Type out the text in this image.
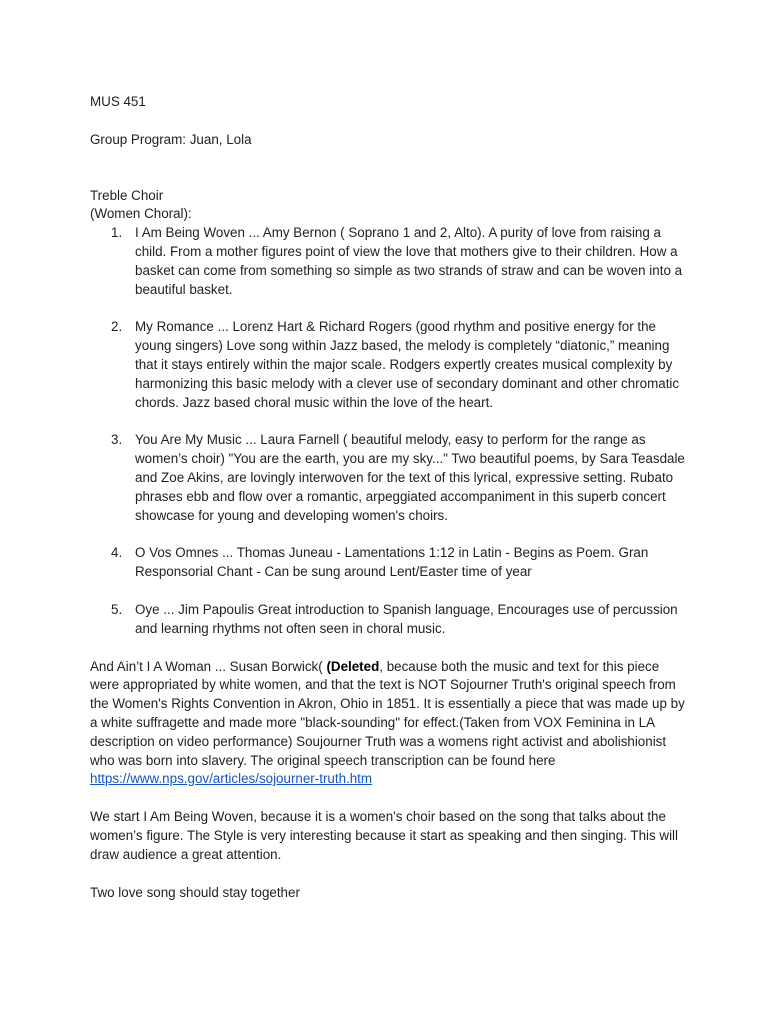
MUS 451

Group Program: Juan, Lola

Treble Choir

(Women Choral):

1. I Am Being Woven ... Amy Bernon ( Soprano 1 and 2, Alto). A purity of love from raising a child. From a mother figures point of view the love that mothers give to their children. How a basket can come from something so simple as two strands of straw and can be woven into a beautiful basket.
2. My Romance ... Lorenz Hart & Richard Rogers (good rhythm and positive energy for the young singers) Love song within Jazz based, the melody is completely “diatonic,” meaning that it stays entirely within the major scale. Rodgers expertly creates musical complexity by harmonizing this basic melody with a clever use of secondary dominant and other chromatic chords. Jazz based choral music within the love of the heart.
3. You Are My Music ... Laura Farnell ( beautiful melody, easy to perform for the range as women’s choir) "You are the earth, you are my sky..." Two beautiful poems, by Sara Teasdale and Zoe Akins, are lovingly interwoven for the text of this lyrical, expressive setting. Rubato phrases ebb and flow over a romantic, arpeggiated accompaniment in this superb concert showcase for young and developing women's choirs.
4. O Vos Omnes ... Thomas Juneau - Lamentations 1:12 in Latin - Begins as Poem. Gran Responsorial Chant - Can be sung around Lent/Easter time of year
5. Oye ... Jim Papoulis Great introduction to Spanish language, Encourages use of percussion and learning rhythms not often seen in choral music.

And Ain’t I A Woman ... Susan Borwick( (Deleted, because both the music and text for this piece were appropriated by white women, and that the text is NOT Sojourner Truth's original speech from the Women's Rights Convention in Akron, Ohio in 1851. It is essentially a piece that was made up by a white suffragette and made more "black-sounding" for effect.(Taken from VOX Feminina in LA description on video performance) Soujourner Truth was a womens right activist and abolishionist who was born into slavery. The original speech transcription can be found here https://www.nps.gov/articles/sojourner-truth.htm

We start I Am Being Woven, because it is a women's choir based on the song that talks about the women’s figure. The Style is very interesting because it start as speaking and then singing. This will draw audience a great attention.

Two love song should stay together
